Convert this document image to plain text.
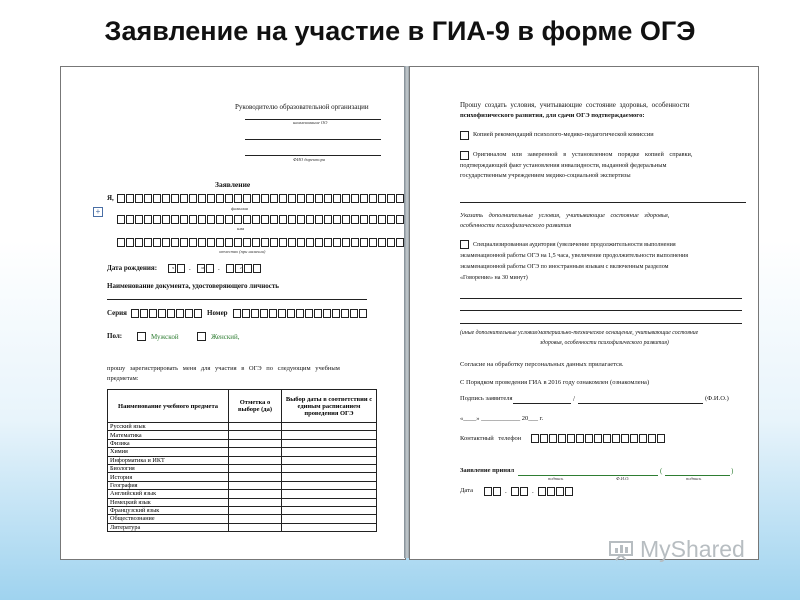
Заявление на участие в ГИА-9 в форме ОГЭ
Руководителю образовательной организации
наименование ОО
ФИО директора
Заявление
Я,
+	фамилия
имя
отчество (при наличии)
Дата рождения:	.	.
ч	м	г
Наименование документа, удостоверяющего личность
Серия	Номер
Пол:	Мужской	Женский,
прошу зарегистрировать меня для участия в ОГЭ по следующим учебным
предметам:
Наименование учебного предмета	Отметка о выборе (да)	Выбор даты в соответствии с единым расписанием проведения ОГЭ
Русский язык		
Математика		
Физика		
Химия		
Информатика и ИКТ		
Биология		
История		
География		
Английский язык		
Немецкий язык		
Французский язык		
Обществознание		
Литература		
Прошу создать условия, учитывающие состояние здоровья, особенности
психофизического развития, для сдачи ОГЭ подтверждаемого:
Копией рекомендаций психолого-медико-педагогической комиссии
Оригиналом или заверенной в установленном порядке копией справки,
подтверждающей факт установления инвалидности, выданной федеральным
государственным учреждением медико-социальной экспертизы
Указать дополнительные условия, учитывающие состояние здоровья,
особенности психофизического развития
Специализированная аудитория (увеличение продолжительности выполнения
экзаменационной работы ОГЭ на 1,5 часа, увеличение продолжительности выполнения
экзаменационной работы ОГЭ по иностранным языкам с включенным разделом
«Говорение» на 30 минут)
(иные дополнительные условия/материально-техническое оснащение, учитывающие состояние
здоровья, особенности психофизического развития)
Согласие на обработку персональных данных прилагается.
С Порядком проведения ГИА в 2016 году ознакомлен (ознакомлена)
Подпись заявителя	/	(Ф.И.О.)
«____» ____________ 20___ г.
Контактный телефон
Заявление принял	(	)
подпись	Ф.И.О.	подпись
Дата	.	.
MyShared
